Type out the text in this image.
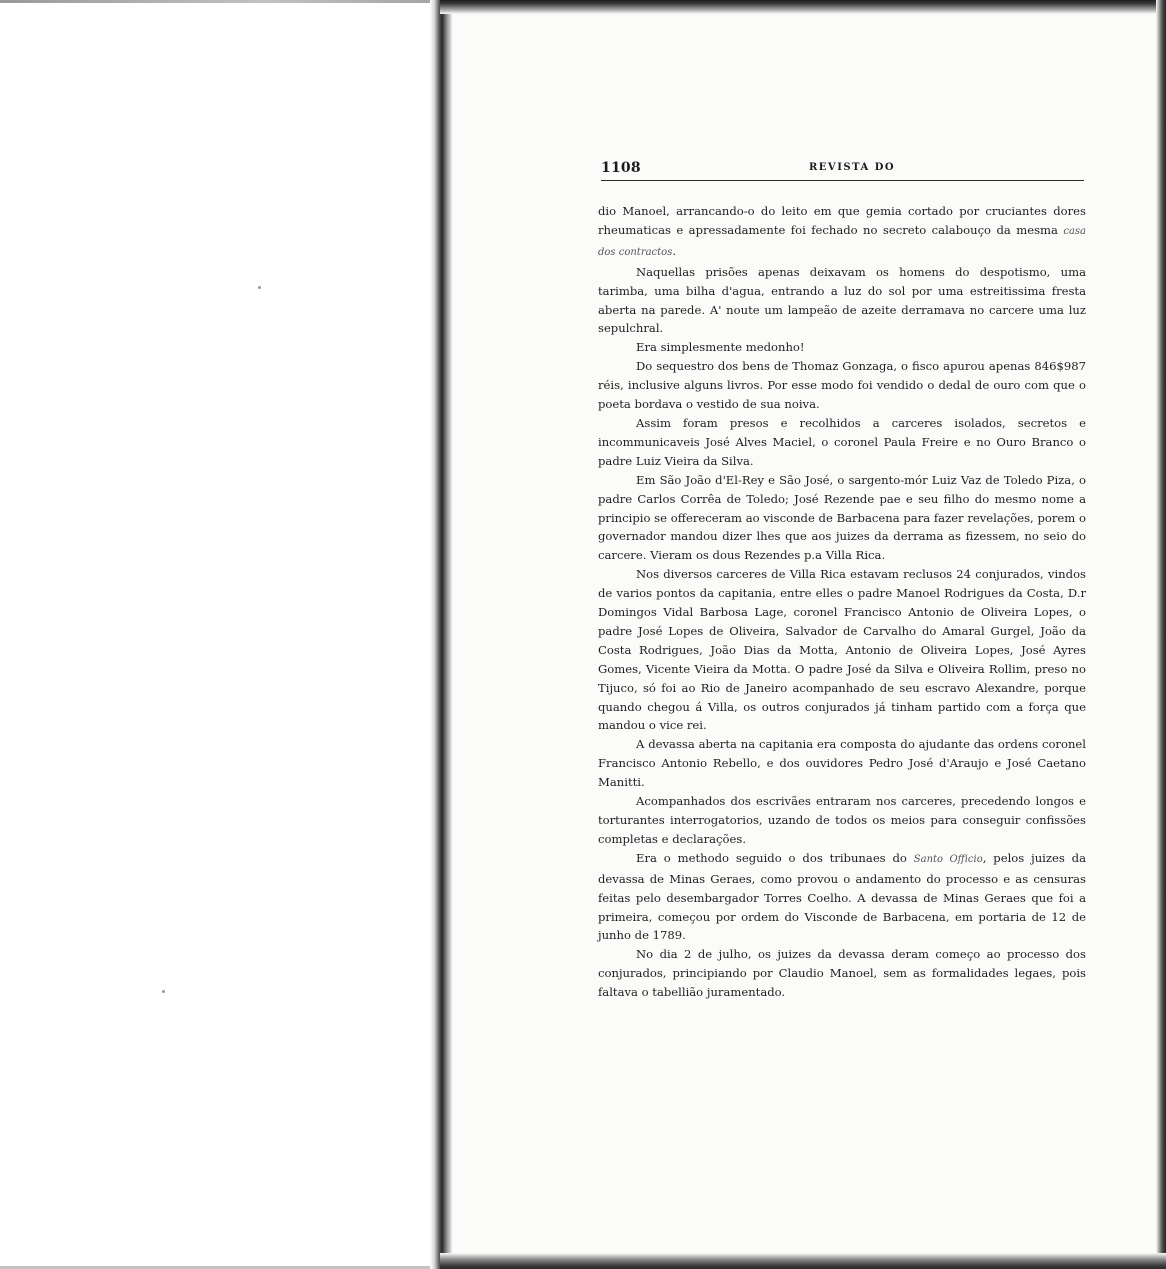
1108	REVISTA DO

dio Manoel, arrancando-o do leito em que gemia cortado por cruciantes dores rheumaticas e apressadamente foi fechado no secreto calabouço da mesma casa dos contractos.

Naquellas prisões apenas deixavam os homens do despotismo, uma tarimba, uma bilha d'agua, entrando a luz do sol por uma estreitissima fresta aberta na parede. A' noute um lampeão de azeite derramava no carcere uma luz sepulchral.

Era simplesmente medonho!

Do sequestro dos bens de Thomaz Gonzaga, o fisco apurou apenas 846$987 réis, inclusive alguns livros. Por esse modo foi vendido o dedal de ouro com que o poeta bordava o vestido de sua noiva.

Assim foram presos e recolhidos a carceres isolados, secretos e incommunicaveis José Alves Maciel, o coronel Paula Freire e no Ouro Branco o padre Luiz Vieira da Silva.

Em São João d'El-Rey e São José, o sargento-mór Luiz Vaz de Toledo Piza, o padre Carlos Corrêa de Toledo; José Rezende pae e seu filho do mesmo nome a principio se offereceram ao visconde de Barbacena para fazer revelações, porem o governador mandou dizer lhes que aos juizes da derrama as fizessem, no seio do carcere. Vieram os dous Rezendes p.a Villa Rica.

Nos diversos carceres de Villa Rica estavam reclusos 24 conjurados, vindos de varios pontos da capitania, entre elles o padre Manoel Rodrigues da Costa, D.r Domingos Vidal Barbosa Lage, coronel Francisco Antonio de Oliveira Lopes, o padre José Lopes de Oliveira, Salvador de Carvalho do Amaral Gurgel, João da Costa Rodrigues, João Dias da Motta, Antonio de Oliveira Lopes, José Ayres Gomes, Vicente Vieira da Motta. O padre José da Silva e Oliveira Rollim, preso no Tijuco, só foi ao Rio de Janeiro acompanhado de seu escravo Alexandre, porque quando chegou á Villa, os outros conjurados já tinham partido com a força que mandou o vice rei.

A devassa aberta na capitania era composta do ajudante das ordens coronel Francisco Antonio Rebello, e dos ouvidores Pedro José d'Araujo e José Caetano Manitti.

Acompanhados dos escrivães entraram nos carceres, precedendo longos e torturantes interrogatorios, uzando de todos os meios para conseguir confissões completas e declarações.

Era o methodo seguido o dos tribunaes do Santo Officio, pelos juizes da devassa de Minas Geraes, como provou o andamento do processo e as censuras feitas pelo desembargador Torres Coelho. A devassa de Minas Geraes que foi a primeira, começou por ordem do Visconde de Barbacena, em portaria de 12 de junho de 1789.

No dia 2 de julho, os juizes da devassa deram começo ao processo dos conjurados, principiando por Claudio Manoel, sem as formalidades legaes, pois faltava o tabellião juramentado.
